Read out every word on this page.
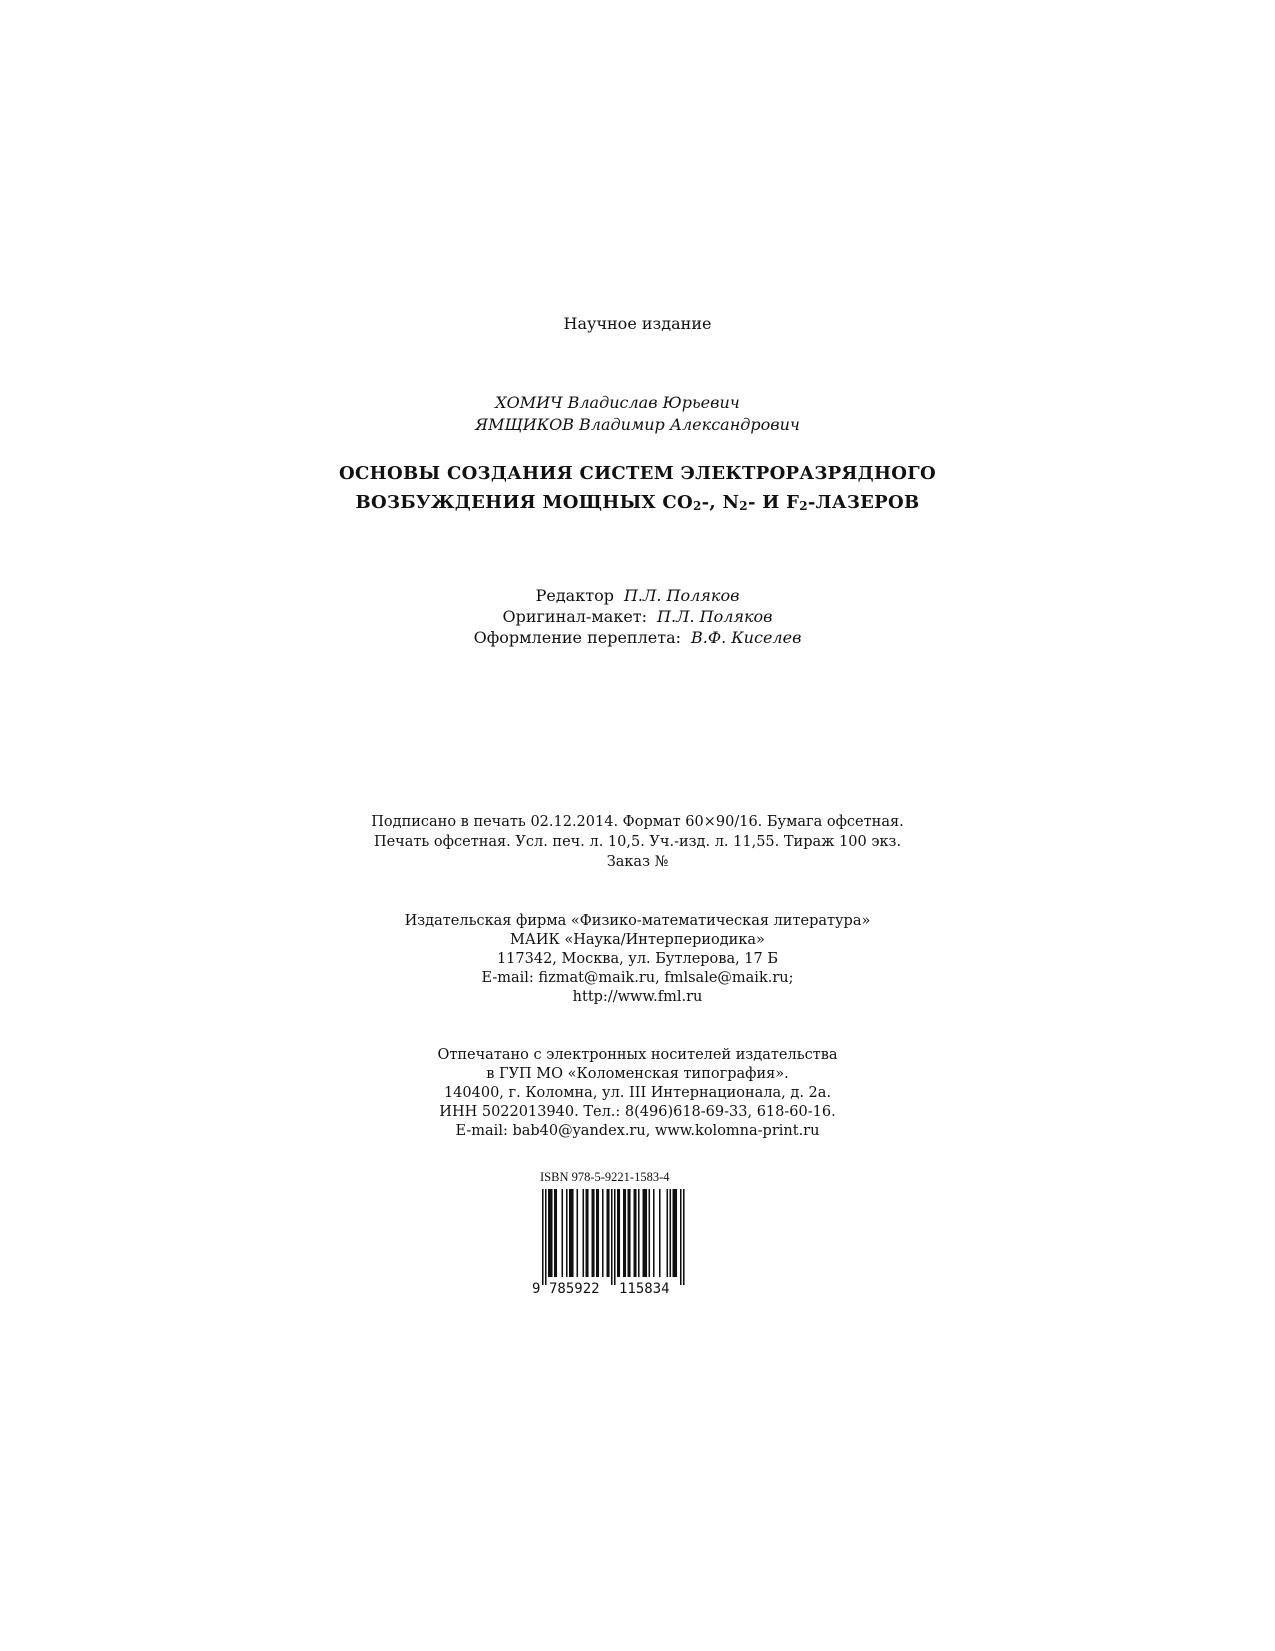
Научное издание
ХОМИЧ Владислав Юрьевич
ЯМЩИКОВ Владимир Александрович
ОСНОВЫ СОЗДАНИЯ СИСТЕМ ЭЛЕКТРОРАЗРЯДНОГО
ВОЗБУЖДЕНИЯ МОЩНЫХ $CO_2-$, $N_2-$ И $F_2$-ЛАЗЕРОВ
Редактор П.Л. Поляков
Оригинал-макет: П.Л. Поляков
Оформление переплета: В.Ф. Киселев
Подписано в печать 02.12.2014. Формат 60×90/16. Бумага офсетная.
Печать офсетная. Усл. печ. л. 10,5. Уч.-изд. л. 11,55. Тираж 100 экз.
Заказ №
Издательская фирма «Физико-математическая литература»
МАИК «Наука/Интерпериодика»
117342, Москва, ул. Бутлерова, 17 Б
E-mail: fizmat@maik.ru, fmlsale@maik.ru;
http://www.fml.ru
Отпечатано с электронных носителей издательства
в ГУП МО «Коломенская типография».
140400, г. Коломна, ул. III Интернационала, д. 2а.
ИНН 5022013940. Тел.: 8(496)618-69-33, 618-60-16.
E-mail: bab40@yandex.ru, www.kolomna-print.ru
ISBN 978-5-9221-1583-4
9 785922 115834
